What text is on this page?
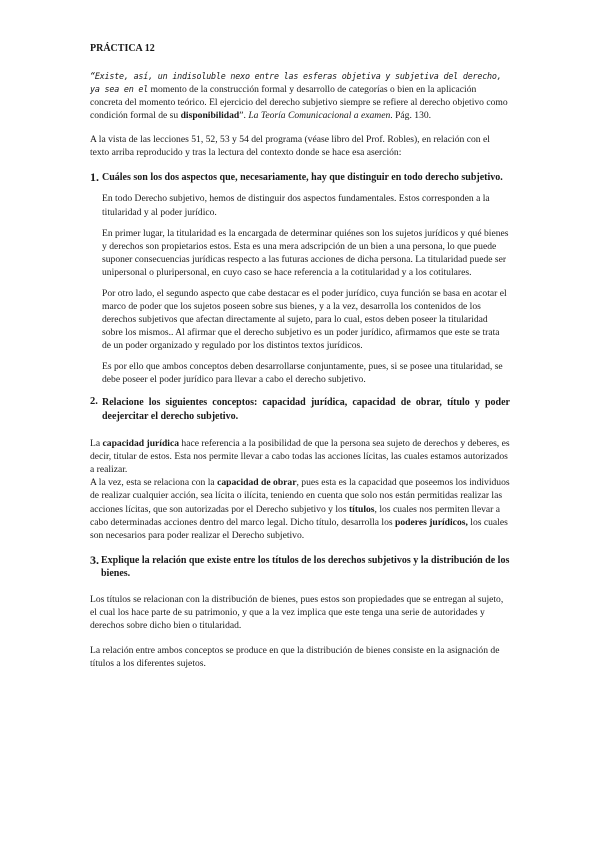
PRÁCTICA 12

“Existe, así, un indisoluble nexo entre las esferas objetiva y subjetiva del derecho, ya sea en el momento de la construcción formal y desarrollo de categorías o bien en la aplicación concreta del momento teórico. El ejercicio del derecho subjetivo siempre se refiere al derecho objetivo como condición formal de su disponibilidad”. La Teoría Comunicacional a examen. Pág. 130.

A la vista de las lecciones 51, 52, 53 y 54 del programa (véase libro del Prof. Robles), en relación con el texto arriba reproducido y tras la lectura del contexto donde se hace esa aserción:

1. Cuáles son los dos aspectos que, necesariamente, hay que distinguir en todo derecho subjetivo.

En todo Derecho subjetivo, hemos de distinguir dos aspectos fundamentales. Estos corresponden a la titularidad y al poder jurídico.

En primer lugar, la titularidad es la encargada de determinar quiénes son los sujetos jurídicos y qué bienes y derechos son propietarios estos. Esta es una mera adscripción de un bien a una persona, lo que puede suponer consecuencias jurídicas respecto a las futuras acciones de dicha persona. La titularidad puede ser unipersonal o pluripersonal, en cuyo caso se hace referencia a la cotitularidad y a los cotitulares.

Por otro lado, el segundo aspecto que cabe destacar es el poder jurídico, cuya función se basa en acotar el marco de poder que los sujetos poseen sobre sus bienes, y a la vez, desarrolla los contenidos de los derechos subjetivos que afectan directamente al sujeto, para lo cual, estos deben poseer la titularidad sobre los mismos.. Al afirmar que el derecho subjetivo es un poder jurídico, afirmamos que este se trata de un poder organizado y regulado por los distintos textos jurídicos.

Es por ello que ambos conceptos deben desarrollarse conjuntamente, pues, si se posee una titularidad, se debe poseer el poder jurídico para llevar a cabo el derecho subjetivo.

2. Relacione los siguientes conceptos: capacidad jurídica, capacidad de obrar, título y poder deejercitar el derecho subjetivo.

La capacidad jurídica hace referencia a la posibilidad de que la persona sea sujeto de derechos y deberes, es decir, titular de estos. Esta nos permite llevar a cabo todas las acciones lícitas, las cuales estamos autorizados a realizar.

A la vez, esta se relaciona con la capacidad de obrar, pues esta es la capacidad que poseemos los individuos de realizar cualquier acción, sea lícita o ilícita, teniendo en cuenta que solo nos están permitidas realizar las acciones lícitas, que son autorizadas por el Derecho subjetivo y los títulos, los cuales nos permiten llevar a cabo determinadas acciones dentro del marco legal. Dicho título, desarrolla los poderes jurídicos, los cuales son necesarios para poder realizar el Derecho subjetivo.

3. Explique la relación que existe entre los títulos de los derechos subjetivos y la distribución de los bienes.

Los títulos se relacionan con la distribución de bienes, pues estos son propiedades que se entregan al sujeto, el cual los hace parte de su patrimonio, y que a la vez implica que este tenga una serie de autoridades y derechos sobre dicho bien o titularidad.

La relación entre ambos conceptos se produce en que la distribución de bienes consiste en la asignación de títulos a los diferentes sujetos.
